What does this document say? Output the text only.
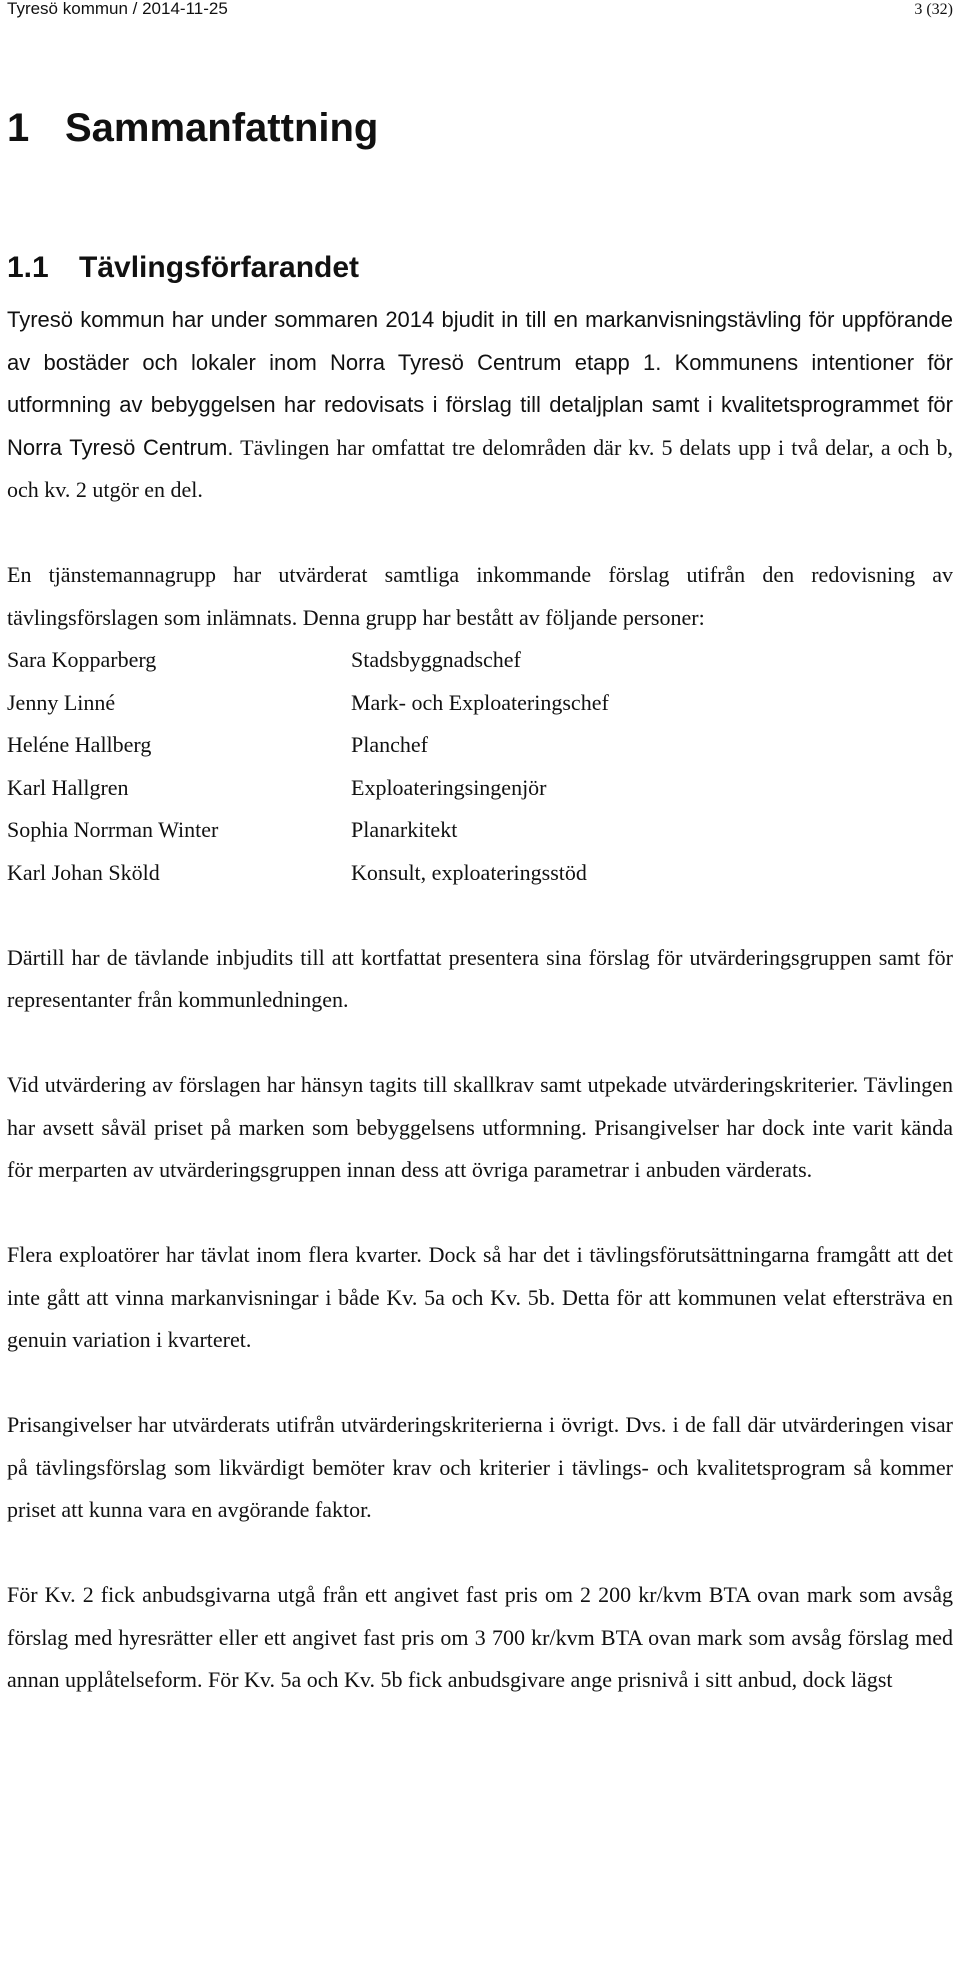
Tyresö kommun / 2014-11-25	3 (32)
1 Sammanfattning
1.1 Tävlingsförfarandet

Tyresö kommun har under sommaren 2014 bjudit in till en markanvisningstävling för uppförande av bostäder och lokaler inom Norra Tyresö Centrum etapp 1. Kommunens intentioner för utformning av bebyggelsen har redovisats i förslag till detaljplan samt i kvalitetsprogrammet för Norra Tyresö Centrum. Tävlingen har omfattat tre delområden där kv. 5 delats upp i två delar, a och b, och kv. 2 utgör en del.

En tjänstemannagrupp har utvärderat samtliga inkommande förslag utifrån den redovisning av tävlingsförslagen som inlämnats. Denna grupp har bestått av följande personer:

Sara Kopparberg	Stadsbyggnadschef
Jenny Linné	Mark- och Exploateringschef
Heléne Hallberg	Planchef
Karl Hallgren	Exploateringsingenjör
Sophia Norrman Winter	Planarkitekt
Karl Johan Sköld	Konsult, exploateringsstöd

Därtill har de tävlande inbjudits till att kortfattat presentera sina förslag för utvärderingsgruppen samt för representanter från kommunledningen.

Vid utvärdering av förslagen har hänsyn tagits till skallkrav samt utpekade utvärderingskriterier. Tävlingen har avsett såväl priset på marken som bebyggelsens utformning. Prisangivelser har dock inte varit kända för merparten av utvärderingsgruppen innan dess att övriga parametrar i anbuden värderats.

Flera exploatörer har tävlat inom flera kvarter. Dock så har det i tävlingsförutsättningarna framgått att det inte gått att vinna markanvisningar i både Kv. 5a och Kv. 5b. Detta för att kommunen velat eftersträva en genuin variation i kvarteret.

Prisangivelser har utvärderats utifrån utvärderingskriterierna i övrigt. Dvs. i de fall där utvärderingen visar på tävlingsförslag som likvärdigt bemöter krav och kriterier i tävlings- och kvalitetsprogram så kommer priset att kunna vara en avgörande faktor.

För Kv. 2 fick anbudsgivarna utgå från ett angivet fast pris om 2 200 kr/kvm BTA ovan mark som avsåg förslag med hyresrätter eller ett angivet fast pris om 3 700 kr/kvm BTA ovan mark som avsåg förslag med annan upplåtelseform. För Kv. 5a och Kv. 5b fick anbudsgivare ange prisnivå i sitt anbud, dock lägst
